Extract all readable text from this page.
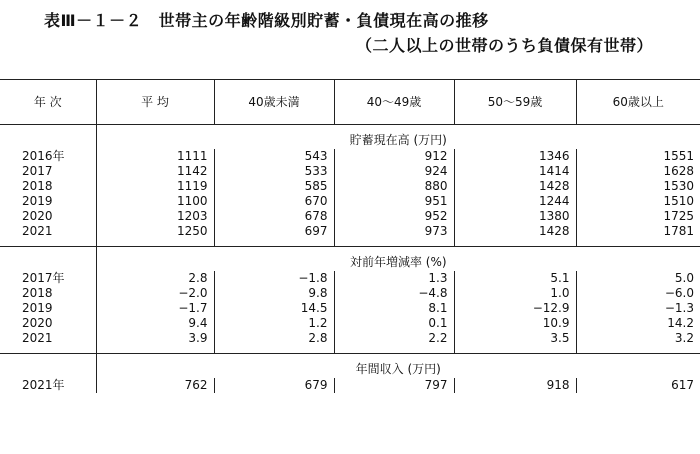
表Ⅲ－１－２　世帯主の年齢階級別貯蓄・負債現在高の推移
（二人以上の世帯のうち負債保有世帯）
年 次	平 均	40歳未満	40～49歳	50～59歳	60歳以上
	貯蓄現在高 (万円)				
2016年	1111	543	912	1346	1551
2017	1142	533	924	1414	1628
2018	1119	585	880	1428	1530
2019	1100	670	951	1244	1510
2020	1203	678	952	1380	1725
2021	1250	697	973	1428	1781

	対前年増減率 (%)				
2017年	2.8	−1.8	1.3	5.1	5.0
2018	−2.0	9.8	−4.8	1.0	−6.0
2019	−1.7	14.5	8.1	−12.9	−1.3
2020	9.4	1.2	0.1	10.9	14.2
2021	3.9	2.8	2.2	3.5	3.2

	年間収入 (万円)				
2021年	762	679	797	918	617
